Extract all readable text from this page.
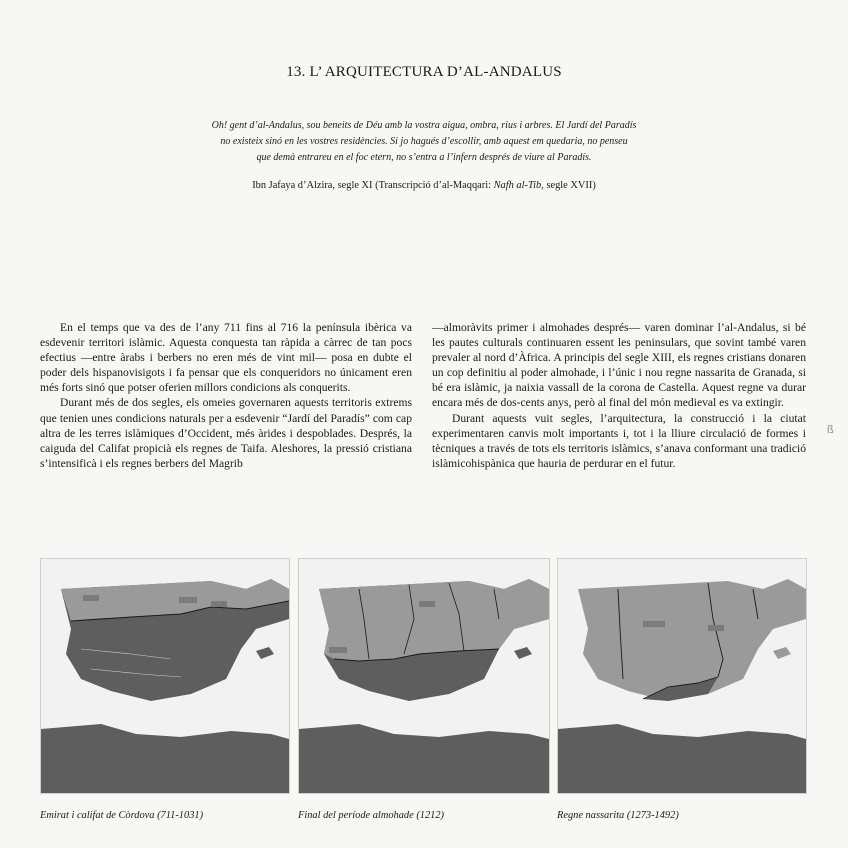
13. L’ ARQUITECTURA D’AL-ANDALUS
Oh! gent d’al-Andalus, sou beneits de Déu amb la vostra aigua, ombra, rius i arbres. El Jardí del Paradís
no existeix sinó en les vostres residències. Si jo hagués d’escollir, amb aquest em quedaria, no penseu
que demà entrareu en el foc etern, no s’entra a l’infern després de viure al Paradís.
Ibn Jafaya d’Alzira, segle XI (Transcripció d’al-Maqqari: Nafh al-Tib, segle XVII)

En el temps que va des de l’any 711 fins al 716 la península ibèrica va esdevenir territori islàmic. Aquesta conquesta tan ràpida a càrrec de tan pocs efectius —entre àrabs i berbers no eren més de vint mil— posa en dubte el poder dels hispanovisigots i fa pensar que els conqueridors no únicament eren més forts sinó que potser oferien millors condicions als conquerits.

Durant més de dos segles, els omeies governaren aquests territoris extrems que tenien unes condicions naturals per a esdevenir “Jardí del Paradís” com cap altra de les terres islàmiques d’Occident, més àrides i despoblades. Després, la caiguda del Califat propicià els regnes de Taifa. Aleshores, la pressió cristiana s’intensificà i els regnes berbers del Magrib

—almoràvits primer i almohades després— varen dominar l’al-Andalus, si bé les pautes culturals continuaren essent les peninsulars, que sovint també varen prevaler al nord d’Àfrica. A principis del segle XIII, els regnes cristians donaren un cop definitiu al poder almohade, i l’únic i nou regne nassarita de Granada, si bé era islàmic, ja naixia vassall de la corona de Castella. Aquest regne va durar encara més de dos-cents anys, però al final del món medieval es va extingir.

Durant aquests vuit segles, l’arquitectura, la construcció i la ciutat experimentaren canvis molt importants i, tot i la lliure circulació de formes i tècniques a través de tots els territoris islàmics, s’anava conformant una tradició islàmicohispànica que hauria de perdurar en el futur.

ß
Emirat i califat de Còrdova (711-1031)	Final del període almohade (1212)	Regne nassarita (1273-1492)
